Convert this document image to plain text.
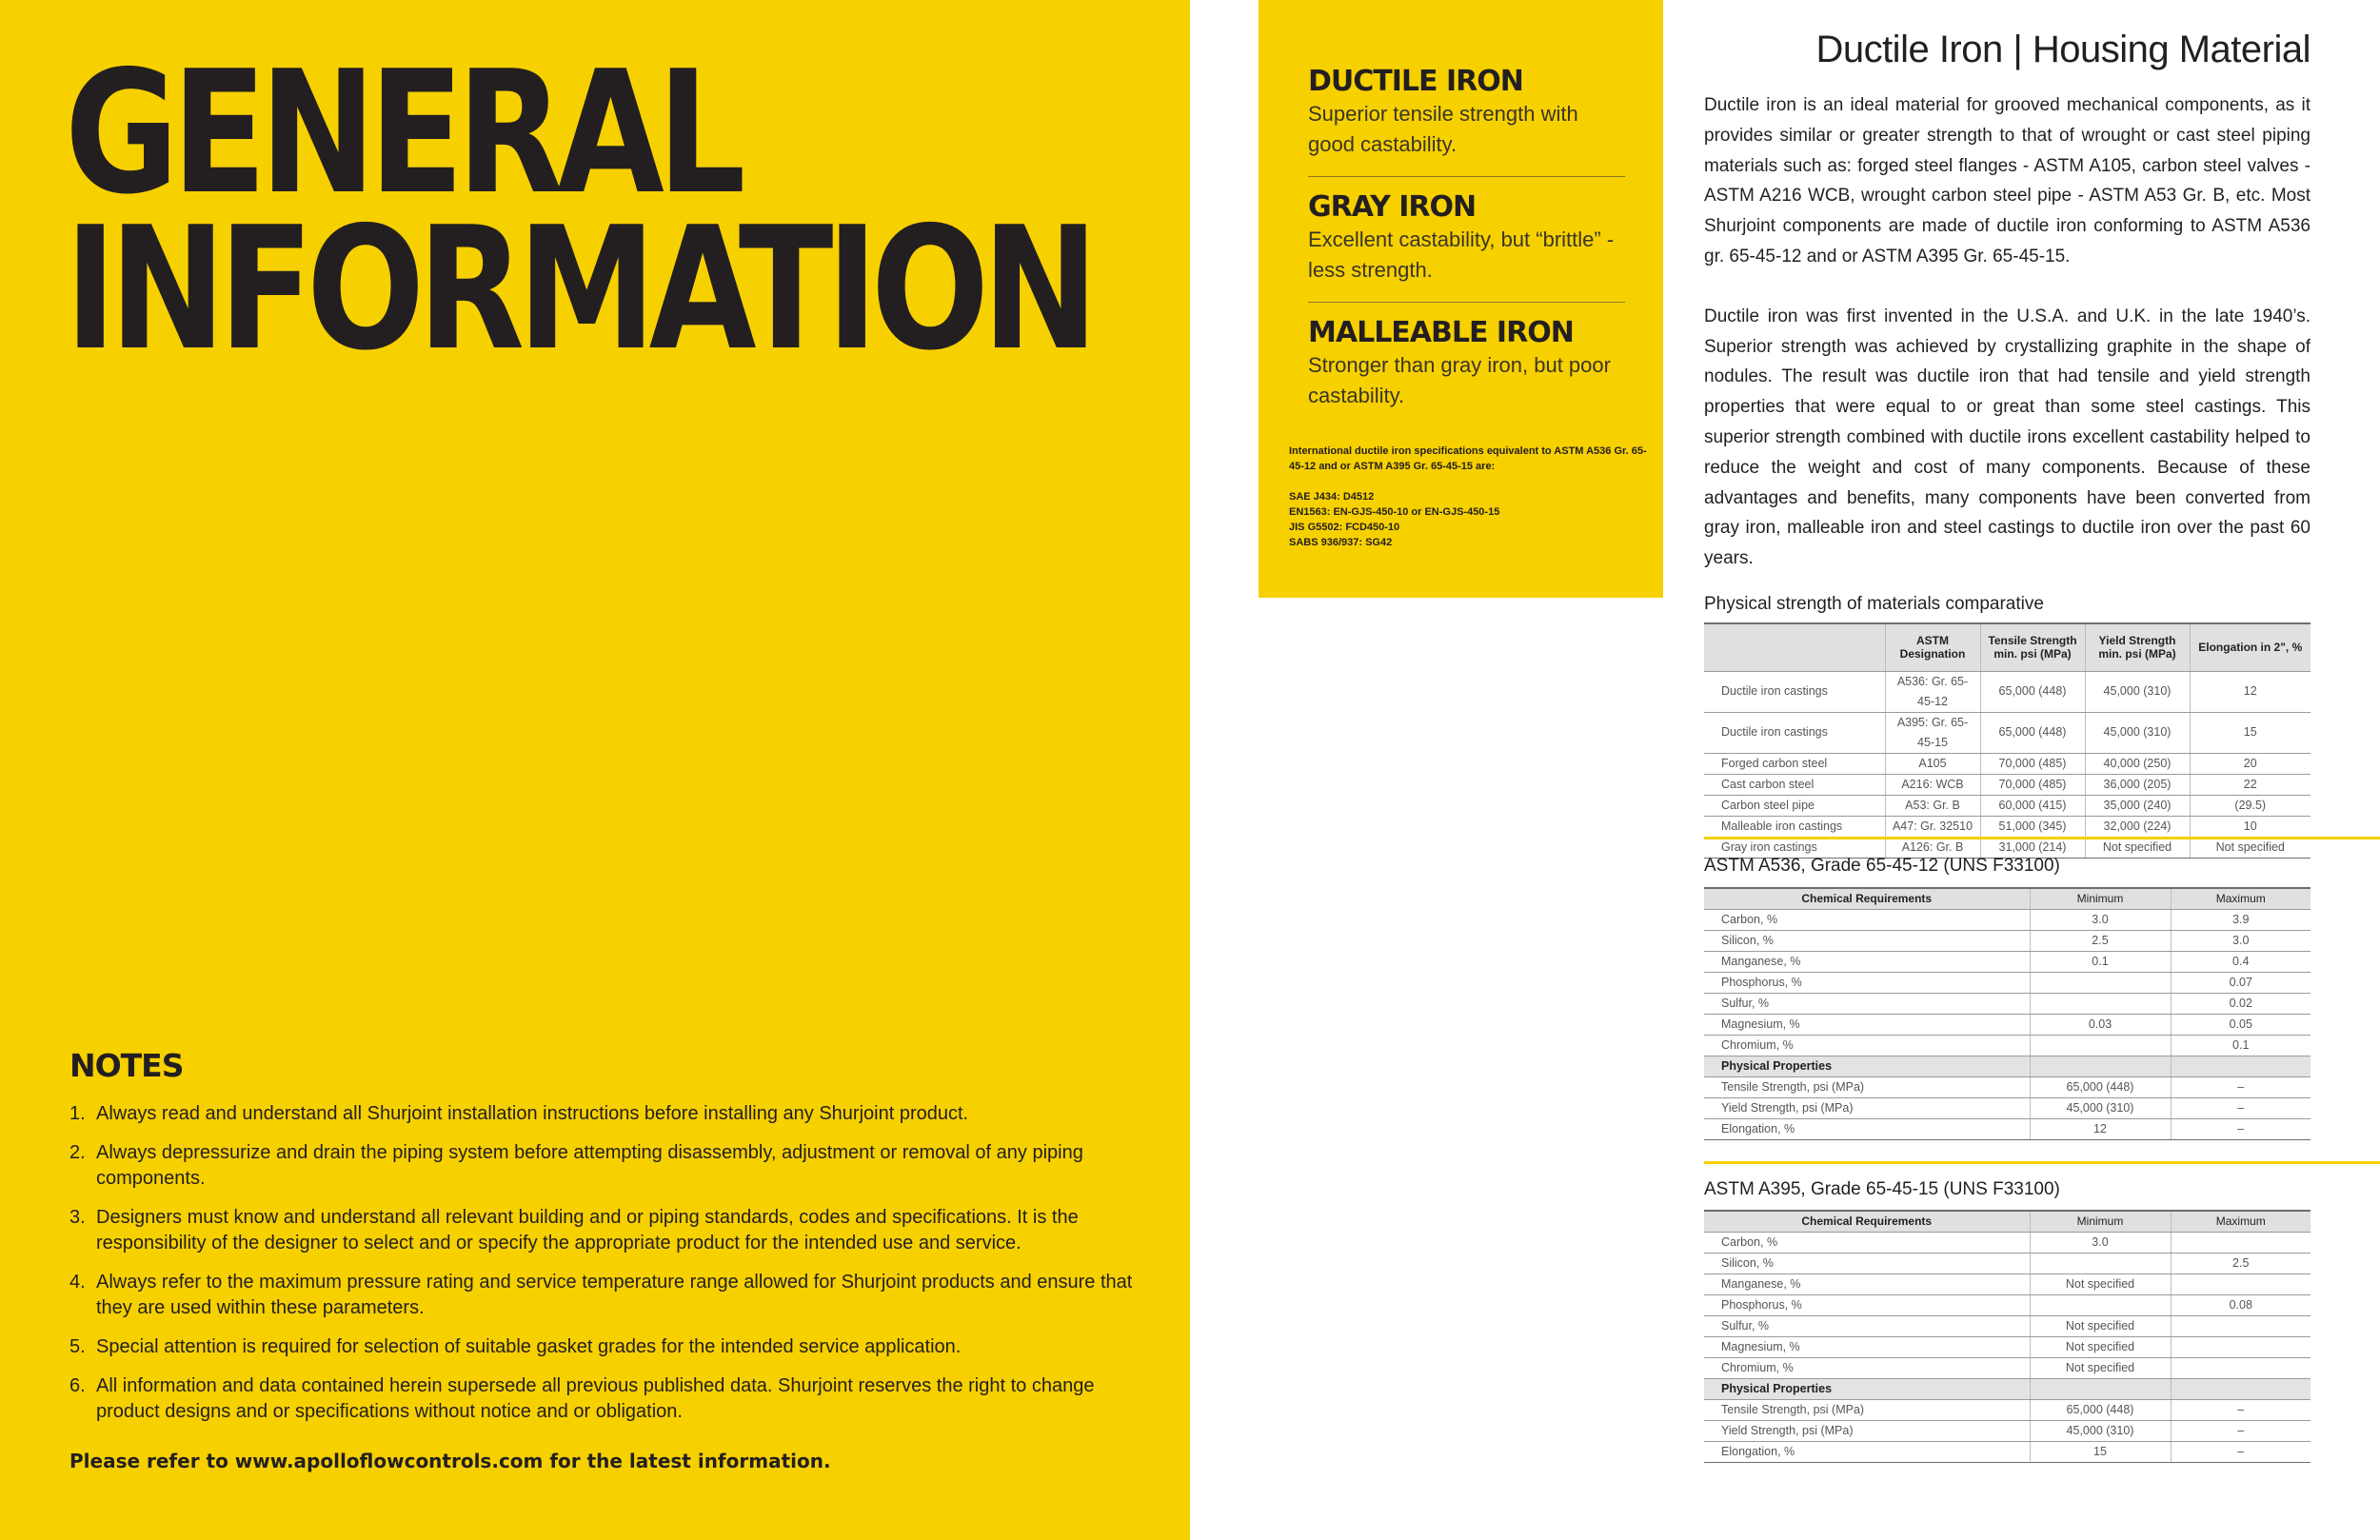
GENERAL
INFORMATION
NOTES
1. Always read and understand all Shurjoint installation instructions before installing any Shurjoint product.
2. Always depressurize and drain the piping system before attempting disassembly, adjustment or removal of any piping components.
3. Designers must know and understand all relevant building and or piping standards, codes and specifications. It is the responsibility of the designer to select and or specify the appropriate product for the intended use and service.
4. Always refer to the maximum pressure rating and service temperature range allowed for Shurjoint products and ensure that they are used within these parameters.
5. Special attention is required for selection of suitable gasket grades for the intended service application.
6. All information and data contained herein supersede all previous published data. Shurjoint reserves the right to change product designs and or specifications without notice and or obligation.
Please refer to www.apolloflowcontrols.com for the latest information.
DUCTILE IRON
Superior tensile strength with good castability.
GRAY IRON
Excellent castability, but “brittle” - less strength.
MALLEABLE IRON
Stronger than gray iron, but poor castability.

International ductile iron specifications equivalent to ASTM A536 Gr. 65-45-12 and or ASTM A395 Gr. 65-45-15 are:

SAE J434: D4512
EN1563: EN-GJS-450-10 or EN-GJS-450-15
JIS G5502: FCD450-10
SABS 936/937: SG42
Ductile Iron | Housing Material

Ductile iron is an ideal material for grooved mechanical components, as it provides similar or greater strength to that of wrought or cast steel piping materials such as: forged steel flanges - ASTM A105, carbon steel valves - ASTM A216 WCB, wrought carbon steel pipe - ASTM A53 Gr. B, etc. Most Shurjoint components are made of ductile iron conforming to ASTM A536 gr. 65-45-12 and or ASTM A395 Gr. 65-45-15.

Ductile iron was first invented in the U.S.A. and U.K. in the late 1940’s. Superior strength was achieved by crystallizing graphite in the shape of nodules. The result was ductile iron that had tensile and yield strength properties that were equal to or great than some steel castings. This superior strength combined with ductile irons excellent castability helped to reduce the weight and cost of many components. Because of these advantages and benefits, many components have been converted from gray iron, malleable iron and steel castings to ductile iron over the past 60 years.

Physical strength of materials comparative
	ASTM Designation	Tensile Strength min. psi (MPa)	Yield Strength min. psi (MPa)	Elongation in 2", %
Ductile iron castings	A536: Gr. 65-45-12	65,000 (448)	45,000 (310)	12
Ductile iron castings	A395: Gr. 65-45-15	65,000 (448)	45,000 (310)	15
Forged carbon steel	A105	70,000 (485)	40,000 (250)	20
Cast carbon steel	A216: WCB	70,000 (485)	36,000 (205)	22
Carbon steel pipe	A53: Gr. B	60,000 (415)	35,000 (240)	(29.5)
Malleable iron castings	A47: Gr. 32510	51,000 (345)	32,000 (224)	10
Gray iron castings	A126: Gr. B	31,000 (214)	Not specified	Not specified
ASTM A536, Grade 65-45-12 (UNS F33100)
Chemical Requirements	Minimum	Maximum
Carbon, %	3.0	3.9
Silicon, %	2.5	3.0
Manganese, %	0.1	0.4
Phosphorus, %		0.07
Sulfur, %		0.02
Magnesium, %	0.03	0.05
Chromium, %		0.1
Physical Properties		
Tensile Strength, psi (MPa)	65,000 (448)	–
Yield Strength, psi (MPa)	45,000 (310)	–
Elongation, %	12	–
ASTM A395, Grade 65-45-15 (UNS F33100)
Chemical Requirements	Minimum	Maximum
Carbon, %	3.0	
Silicon, %		2.5
Manganese, %	Not specified	
Phosphorus, %		0.08
Sulfur, %	Not specified	
Magnesium, %	Not specified	
Chromium, %	Not specified	
Physical Properties		
Tensile Strength, psi (MPa)	65,000 (448)	–
Yield Strength, psi (MPa)	45,000 (310)	–
Elongation, %	15	–
